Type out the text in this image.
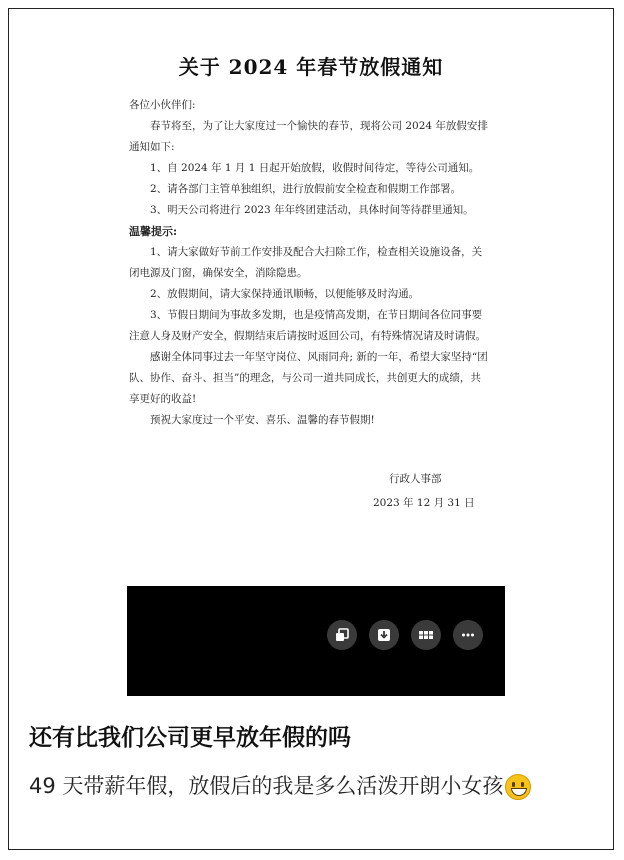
关于 2024 年春节放假通知

各位小伙伴们:

春节将至，为了让大家度过一个愉快的春节，现将公司 2024 年放假安排通知如下:

1、自 2024 年 1 月 1 日起开始放假，收假时间待定，等待公司通知。

2、请各部门主管单独组织，进行放假前安全检查和假期工作部署。

3、明天公司将进行 2023 年年终团建活动，具体时间等待群里通知。

温馨提示:

1、请大家做好节前工作安排及配合大扫除工作，检查相关设施设备，关闭电源及门窗，确保安全，消除隐患。

2、放假期间，请大家保持通讯顺畅，以便能够及时沟通。

3、节假日期间为事故多发期，也是疫情高发期，在节日期间各位同事要注意人身及财产安全，假期结束后请按时返回公司，有特殊情况请及时请假。

感谢全体同事过去一年坚守岗位、风雨同舟; 新的一年，希望大家坚持“团队、协作、奋斗、担当”的理念，与公司一道共同成长，共创更大的成绩，共享更好的收益!

预祝大家度过一个平安、喜乐、温馨的春节假期!

行政人事部
2023 年 12 月 31 日
还有比我们公司更早放年假的吗
49 天带薪年假，放假后的我是多么活泼开朗小女孩
